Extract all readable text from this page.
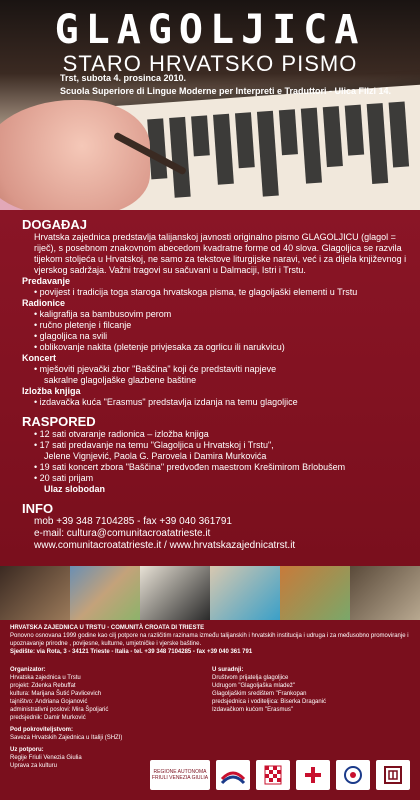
GLAGOLJICA
STARO HRVATSKO PISMO
Trst, subota 4. prosinca 2010.
Scuola Superiore di Lingue Moderne per Interpreti e Traduttori - Ulica Filzi 14.
DOGAĐAJ
Hrvatska zajednica predstavlja talijanskoj javnosti originalno pismo GLAGOLJICU (glagol = riječ), s posebnom znakovnom abecedom kvadratne forme od 40 slova. Glagoljica se razvila tijekom stoljeća u Hrvatskoj, ne samo za tekstove liturgijske naravi, već i za dijela književnog i vjerskog sadržaja. Važni tragovi su sačuvani u Dalmaciji, Istri i Trstu.
Predavanje
• povijest i tradicija toga staroga hrvatskoga pisma, te glagoljaški elementi u Trstu
Radionice
• kaligrafija sa bambusovim perom
• ručno pletenje i filcanje
• glagoljica na svili
• oblikovanje nakita (pletenje privjesaka za ogrlicu ili narukvicu)
Koncert
• mješoviti pjevački zbor "Baščina" koji će predstaviti napjeve
sakralne glagoljaške glazbene baštine
Izložba knjiga
• izdavačka kuća "Erasmus" predstavlja izdanja na temu glagoljice
RASPORED
• 12 sati otvaranje radionica – izložba knjiga
• 17 sati predavanje na temu "Glagoljica u Hrvatskoj i Trstu",
Jelene Vignjević, Paola G. Parovela i Damira Murkovića
• 19 sati koncert zbora "Baščina" predvođen maestrom Krešimirom Brlobušem
• 20 sati prijam
Ulaz slobodan
INFO
mob +39 348 7104285 - fax +39 040 361791
e-mail: cultura@comunitacroatatrieste.it
www.comunitacroatatrieste.it / www.hrvatskazajednicatrst.it
HRVATSKA ZAJEDNICA U TRSTU - COMUNITÀ CROATA DI TRIESTE
Ponovno osnovana 1999 godine kao cilj potpore na različitim razinama između talijanskih i hrvatskih institucija i udruga i za međusobno promoviranje i upoznavanje prirodne , povijesne, kulturne, umjetničke i vjerske baštine.
Sjedište: via Rota, 3 - 34121 Trieste - Italia - tel. +39 348 7104285 - fax +39 040 361 791
Organizator:
Hrvatska zajednica u Trstu
projekt: Zdenka Rebuffat
kultura: Marijana Šutić Pavlicevich
tajništvo: Andriana Gojanović
administrativni poslovi: Mira Špoljarić
predsjednik: Damir Murković
Pod pokroviteljstvom:
Saveza Hrvatskih Zajednica u Italiji (SHZI)
Uz potporu:
Regije Friuli Venezia Giulia
Uprava za kulturu
U suradnji:
Društvom prijatelja glagoljice
Udrugom "Glagoljaška mladež"
Glagoljaškim središtem "Frankopan
predsjednica i voditeljica: Biserka Draganić
Izdavačkom kućom "Erasmus"
REGIONE AUTONOMA FRIULI VENEZIA GIULIA
